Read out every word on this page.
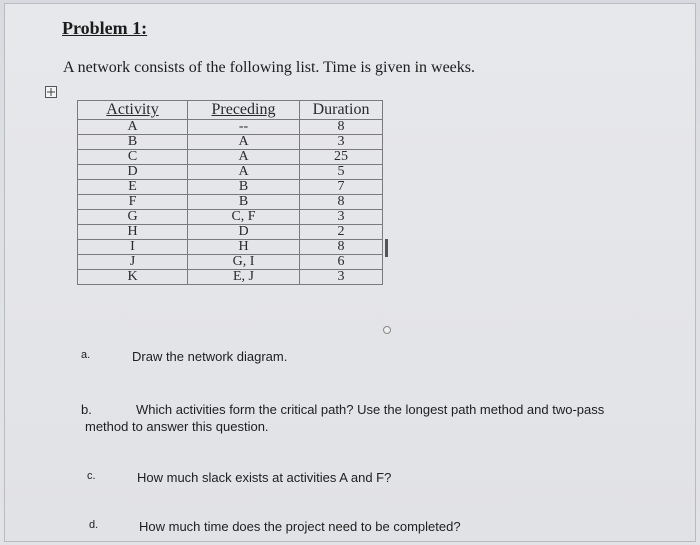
Problem 1:
A network consists of the following list. Time is given in weeks.
Activity	Preceding	Duration
A	--	8
B	A	3
C	A	25
D	A	5
E	B	7
F	B	8
G	C, F	3
H	D	2
I	H	8
J	G, I	6
K	E, J	3
a.	Draw the network diagram.
b.	Which activities form the critical path? Use the longest path method and two-pass
method to answer this question.
c.	How much slack exists at activities A and F?
d.	How much time does the project need to be completed?
